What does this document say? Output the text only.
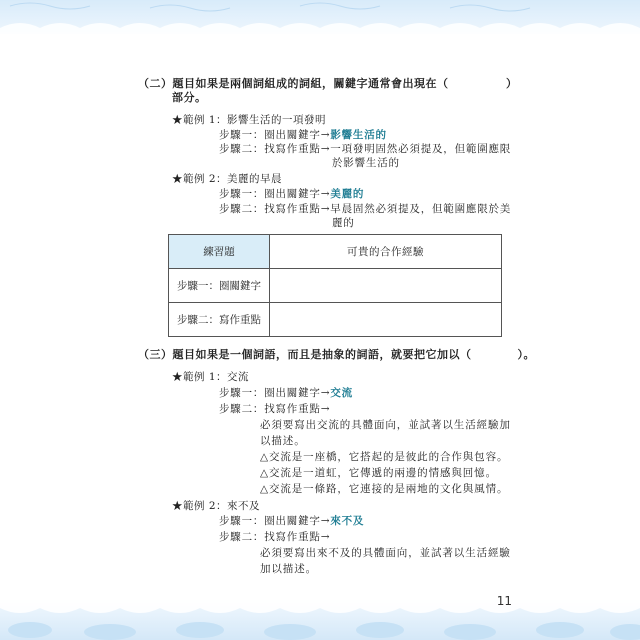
（二）題目如果是兩個詞組成的詞組，關鍵字通常會出現在（　　　　　）
部分。
★範例 1：影響生活的一項發明
步驟一：圈出關鍵字→影響生活的
步驟二：找寫作重點→一項發明固然必須提及，但範圍應限
於影響生活的
★範例 2：美麗的早晨
步驟一：圈出關鍵字→美麗的
步驟二：找寫作重點→早晨固然必須提及，但範圍應限於美
麗的
練習題	可貴的合作經驗
步驟一：圈關鍵字	
步驟二：寫作重點	
（三）題目如果是一個詞語，而且是抽象的詞語，就要把它加以（　　　　）。
★範例 1：交流
步驟一：圈出關鍵字→交流
步驟二：找寫作重點→
必須要寫出交流的具體面向，並試著以生活經驗加
以描述。
△交流是一座橋，它搭起的是彼此的合作與包容。
△交流是一道虹，它傳遞的兩邊的情感與回憶。
△交流是一條路，它連接的是兩地的文化與風情。
★範例 2：來不及
步驟一：圈出關鍵字→來不及
步驟二：找寫作重點→
必須要寫出來不及的具體面向，並試著以生活經驗
加以描述。
11
